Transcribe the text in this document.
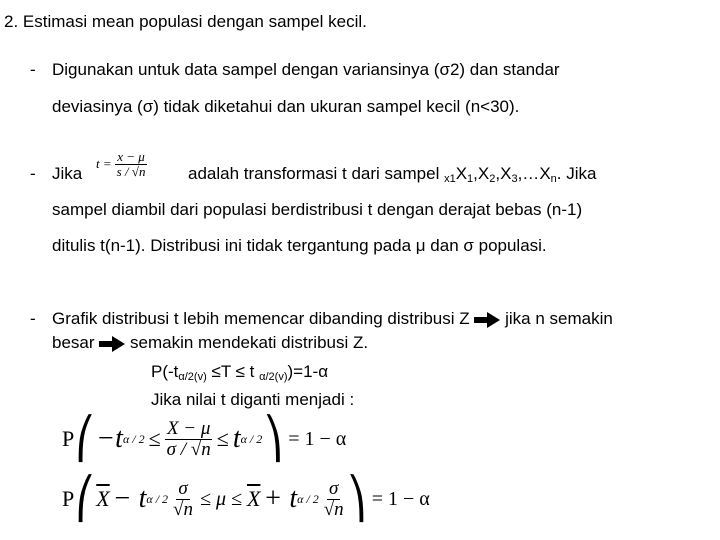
2. Estimasi mean populasi dengan sampel kecil.
- Digunakan untuk data sampel dengan variansinya (σ2) dan standar
deviasinya (σ) tidak diketahui dan ukuran sampel kecil (n<30).
- Jika
$t = \frac{x - \mu}{s / √n}$ adalah transformasi t dari sampel $_{x1}X_1,X_2,X_3,\dots X_n$. Jika
sampel diambil dari populasi berdistribusi t dengan derajat bebas (n-1)
ditulis t(n-1). Distribusi ini tidak tergantung pada μ dan σ populasi.
- Grafik distribusi t lebih memencar dibanding distribusi Z jika n semakin
besar semakin mendekati distribusi Z.
$P(-t_{\alpha/2(v)} \le T \le t$ $_{\alpha/2(v)}$)=1-α
Jika nilai t diganti menjadi :
P ⎛ −t $\alpha / 2 \le \frac{X - \mu}{\sigma / √n} \le t$ α / 2 ⎞ = 1 − α
P ⎛ $\overline{X} - t$ $\alpha / 2 \frac{\sigma}{√n} \le \mu \le \overline{X} + t$ α / $2 \frac{\sigma}{√n}$ ⎞ = 1 − α
